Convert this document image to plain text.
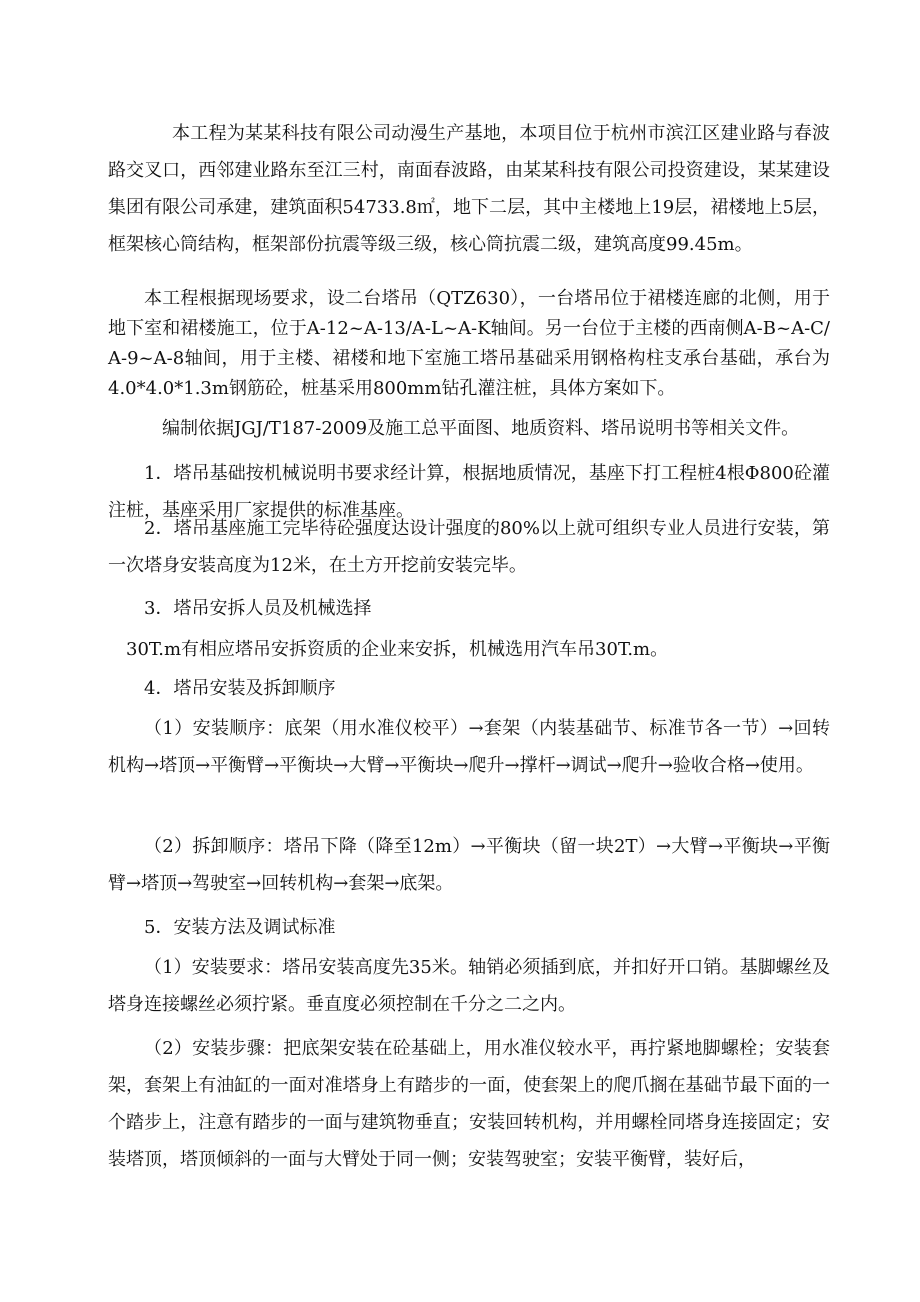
本工程为某某科技有限公司动漫生产基地，本项目位于杭州市滨江区建业路与春波路交叉口，西邻建业路东至江三村，南面春波路，由某某科技有限公司投资建设，某某建设集团有限公司承建，建筑面积54733.8㎡，地下二层，其中主楼地上19层，裙楼地上5层，框架核心筒结构，框架部份抗震等级三级，核心筒抗震二级，建筑高度99.45m。

本工程根据现场要求，设二台塔吊（QTZ630），一台塔吊位于裙楼连廊的北侧，用于地下室和裙楼施工，位于A-12~A-13/A-L~A-K轴间。另一台位于主楼的西南侧A-B~A-C/A-9~A-8轴间，用于主楼、裙楼和地下室施工塔吊基础采用钢格构柱支承台基础，承台为4.0*4.0*1.3m钢筋砼，桩基采用800mm钻孔灌注桩，具体方案如下。

编制依据JGJ/T187-2009及施工总平面图、地质资料、塔吊说明书等相关文件。

1．塔吊基础按机械说明书要求经计算，根据地质情况，基座下打工程桩4根Φ800砼灌注桩，基座采用厂家提供的标准基座。

2．塔吊基座施工完毕待砼强度达设计强度的80%以上就可组织专业人员进行安装，第一次塔身安装高度为12米，在土方开挖前安装完毕。

3．塔吊安拆人员及机械选择

30T.m有相应塔吊安拆资质的企业来安拆，机械选用汽车吊30T.m。

4．塔吊安装及拆卸顺序

（1）安装顺序：底架（用水准仪校平）→套架（内装基础节、标准节各一节）→回转机构→塔顶→平衡臂→平衡块→大臂→平衡块→爬升→撑杆→调试→爬升→验收合格→使用。

（2）拆卸顺序：塔吊下降（降至12m）→平衡块（留一块2T）→大臂→平衡块→平衡臂→塔顶→驾驶室→回转机构→套架→底架。

5．安装方法及调试标准

（1）安装要求：塔吊安装高度先35米。轴销必须插到底，并扣好开口销。基脚螺丝及塔身连接螺丝必须拧紧。垂直度必须控制在千分之二之内。

（2）安装步骤：把底架安装在砼基础上，用水准仪较水平，再拧紧地脚螺栓；安装套架，套架上有油缸的一面对准塔身上有踏步的一面，使套架上的爬爪搁在基础节最下面的一个踏步上，注意有踏步的一面与建筑物垂直；安装回转机构，并用螺栓同塔身连接固定；安装塔顶，塔顶倾斜的一面与大臂处于同一侧；安装驾驶室；安装平衡臂，装好后，
